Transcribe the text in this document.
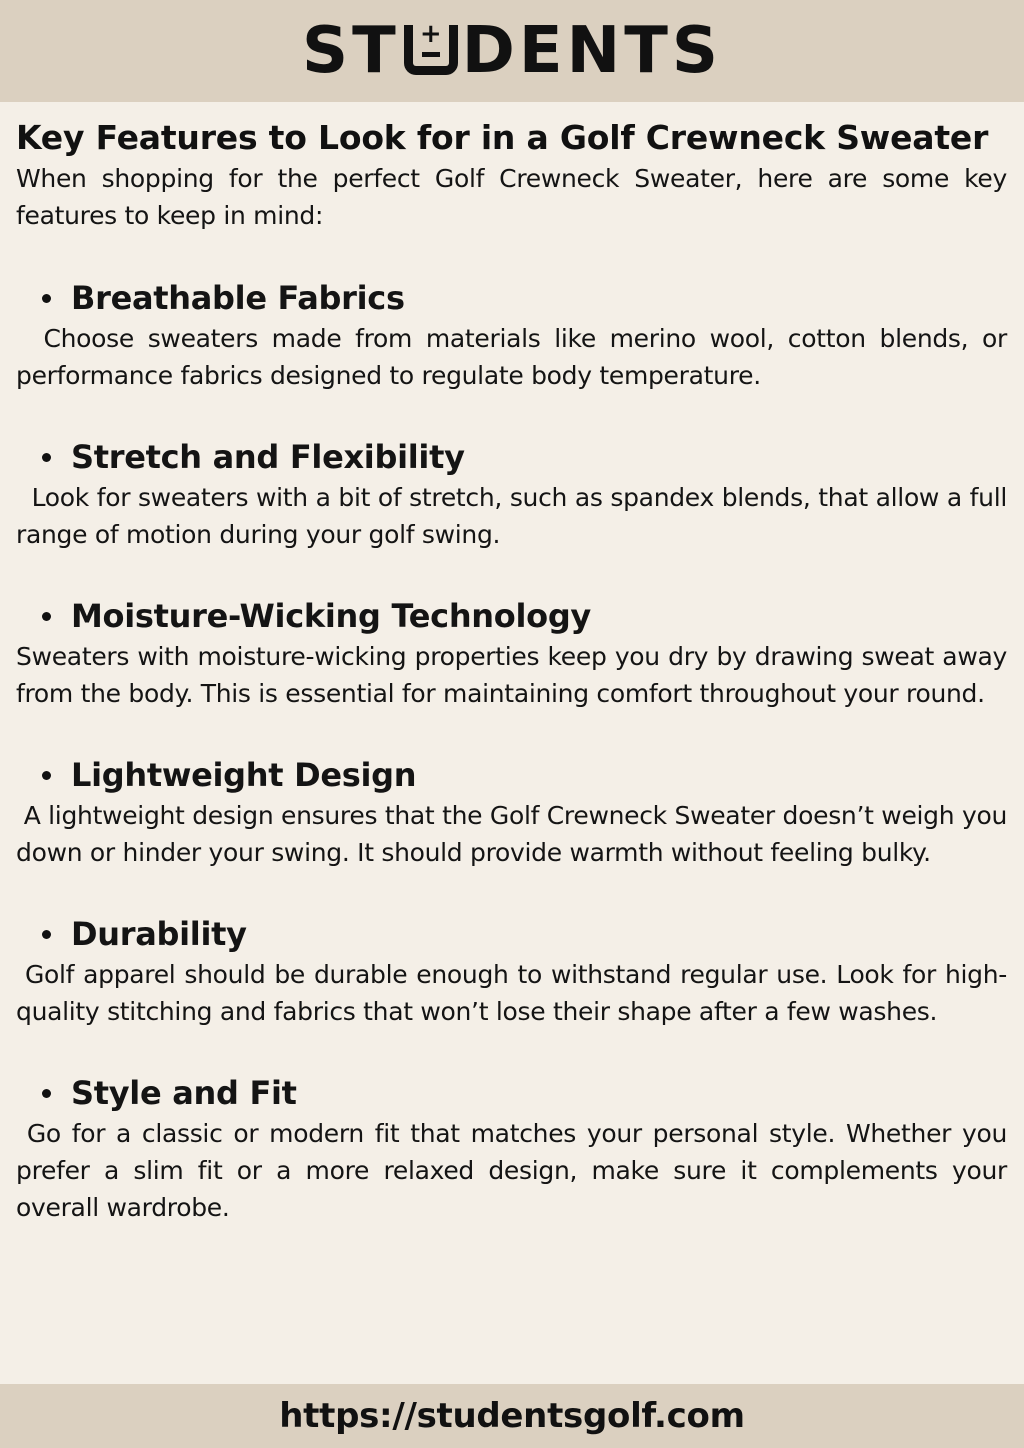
ST + DENTS
Key Features to Look for in a Golf Crewneck Sweater

When shopping for the perfect Golf Crewneck Sweater, here are some key features to keep in mind:

Breathable Fabrics

Choose sweaters made from materials like merino wool, cotton blends, or performance fabrics designed to regulate body temperature.

Stretch and Flexibility

Look for sweaters with a bit of stretch, such as spandex blends, that allow a full range of motion during your golf swing.

Moisture-Wicking Technology

Sweaters with moisture-wicking properties keep you dry by drawing sweat away from the body. This is essential for maintaining comfort throughout your round.

Lightweight Design

A lightweight design ensures that the Golf Crewneck Sweater doesn’t weigh you down or hinder your swing. It should provide warmth without feeling bulky.

Durability

Golf apparel should be durable enough to withstand regular use. Look for high-quality stitching and fabrics that won’t lose their shape after a few washes.

Style and Fit

Go for a classic or modern fit that matches your personal style. Whether you prefer a slim fit or a more relaxed design, make sure it complements your overall wardrobe.

https://studentsgolf.com
